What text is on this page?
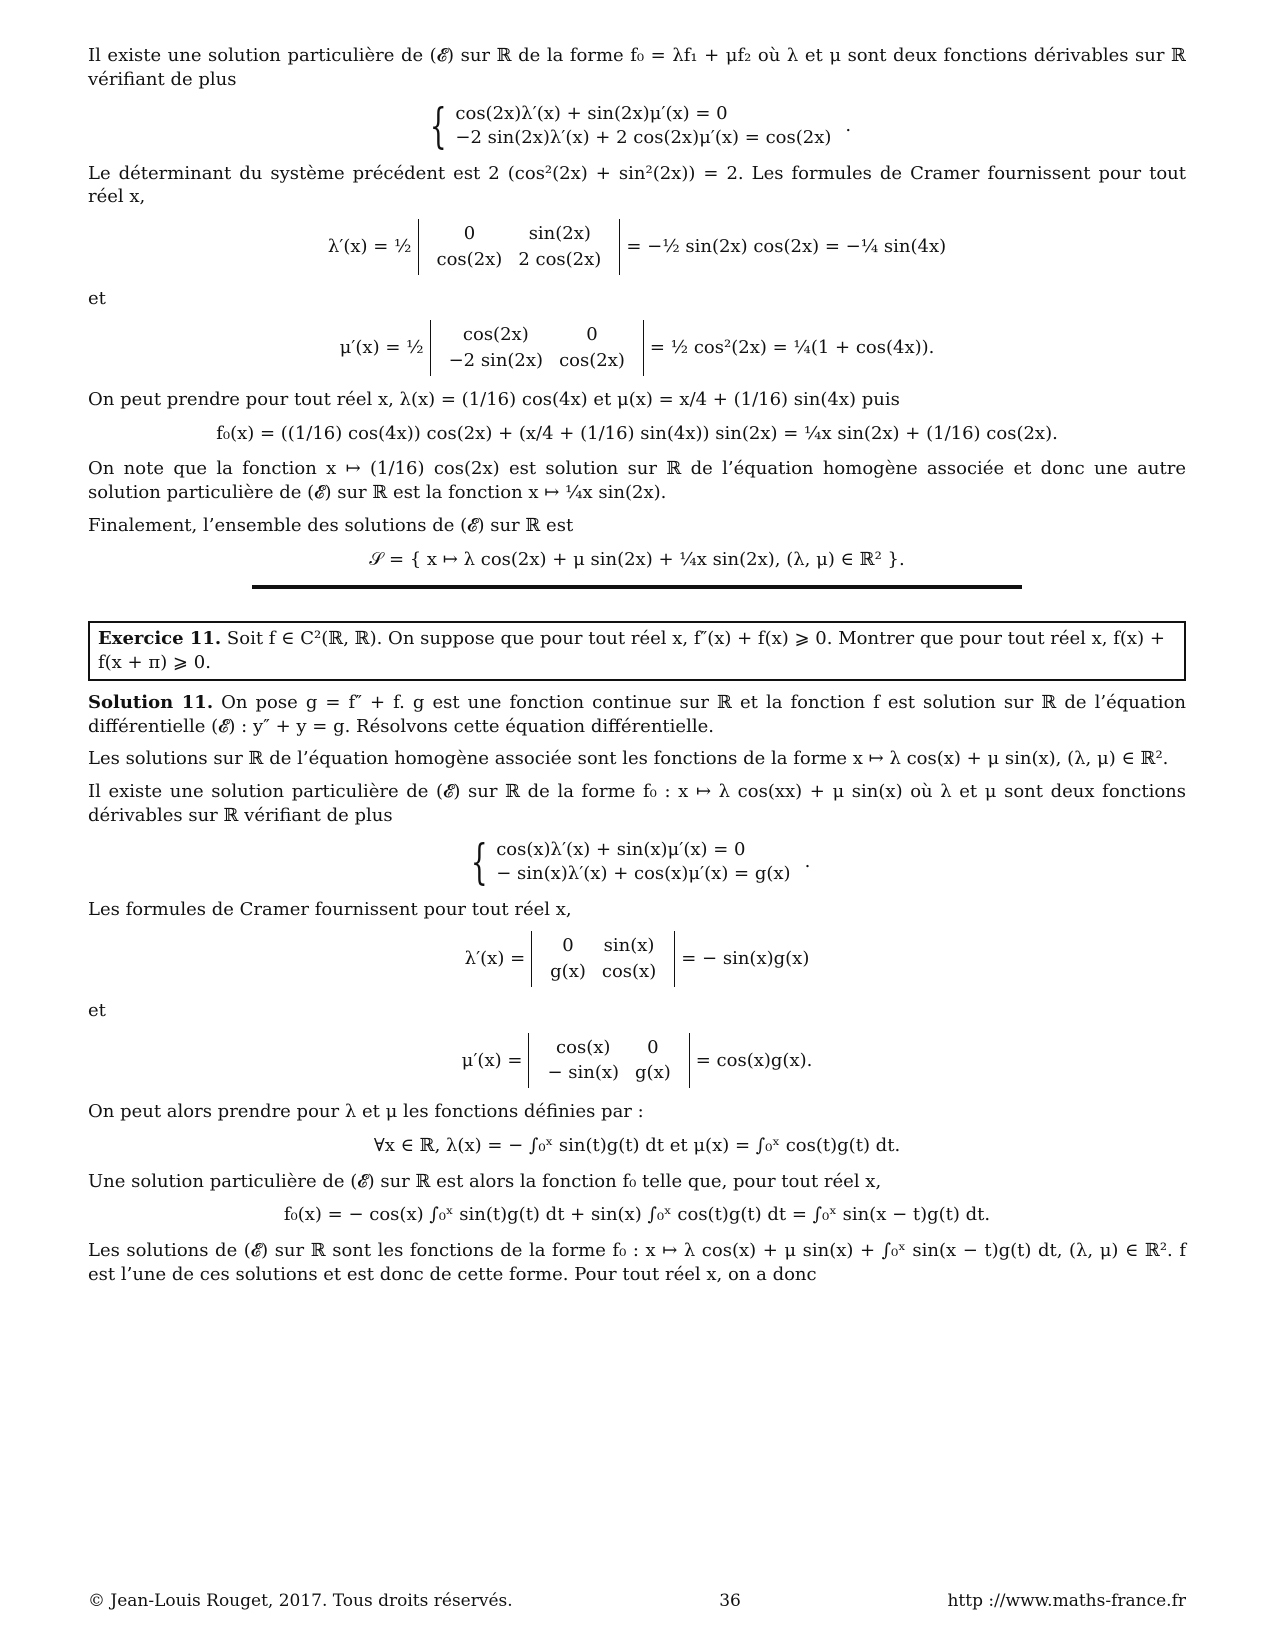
Il existe une solution particulière de (𝓔) sur ℝ de la forme f₀ = λf₁ + μf₂ où λ et μ sont deux fonctions dérivables sur ℝ vérifiant de plus

{ cos(2x)λ′(x) + sin(2x)μ′(x) = 0
−2 sin(2x)λ′(x) + 2 cos(2x)μ′(x) = cos(2x)
.

Le déterminant du système précédent est 2 (cos²(2x) + sin²(2x)) = 2. Les formules de Cramer fournissent pour tout réel x,

λ′(x) = ½
0	sin(2x)
cos(2x)	2 cos(2x)
= −½ sin(2x) cos(2x) = −¼ sin(4x)

et

μ′(x) = ½
cos(2x)	0
−2 sin(2x)	cos(2x)
= ½ cos²(2x) = ¼(1 + cos(4x)).

On peut prendre pour tout réel x, λ(x) = (1/16) cos(4x) et μ(x) = x/4 + (1/16) sin(4x) puis

f₀(x) = ((1/16) cos(4x)) cos(2x) + (x/4 + (1/16) sin(4x)) sin(2x) = ¼x sin(2x) + (1/16) cos(2x).

On note que la fonction x ↦ (1/16) cos(2x) est solution sur ℝ de l’équation homogène associée et donc une autre solution particulière de (𝓔) sur ℝ est la fonction x ↦ ¼x sin(2x).

Finalement, l’ensemble des solutions de (𝓔) sur ℝ est

𝒮 = { x ↦ λ cos(2x) + μ sin(2x) + ¼x sin(2x), (λ, μ) ∈ ℝ² }.
Exercice 11. Soit f ∈ C²(ℝ, ℝ). On suppose que pour tout réel x, f″(x) + f(x) ⩾ 0. Montrer que pour tout réel x, f(x) + f(x + π) ⩾ 0.

Solution 11. On pose g = f″ + f. g est une fonction continue sur ℝ et la fonction f est solution sur ℝ de l’équation différentielle (𝓔) : y″ + y = g. Résolvons cette équation différentielle.

Les solutions sur ℝ de l’équation homogène associée sont les fonctions de la forme x ↦ λ cos(x) + μ sin(x), (λ, μ) ∈ ℝ².

Il existe une solution particulière de (𝓔) sur ℝ de la forme f₀ : x ↦ λ cos(xx) + μ sin(x) où λ et μ sont deux fonctions dérivables sur ℝ vérifiant de plus

{ cos(x)λ′(x) + sin(x)μ′(x) = 0
− sin(x)λ′(x) + cos(x)μ′(x) = g(x)
.

Les formules de Cramer fournissent pour tout réel x,

λ′(x) =
0	sin(x)
g(x)	cos(x)
= − sin(x)g(x)

et

μ′(x) =
cos(x)	0
− sin(x)	g(x)
= cos(x)g(x).

On peut alors prendre pour λ et μ les fonctions définies par :

∀x ∈ ℝ, λ(x) = − ∫₀ˣ sin(t)g(t) dt et μ(x) = ∫₀ˣ cos(t)g(t) dt.

Une solution particulière de (𝓔) sur ℝ est alors la fonction f₀ telle que, pour tout réel x,

f₀(x) = − cos(x) ∫₀ˣ sin(t)g(t) dt + sin(x) ∫₀ˣ cos(t)g(t) dt = ∫₀ˣ sin(x − t)g(t) dt.

Les solutions de (𝓔) sur ℝ sont les fonctions de la forme f₀ : x ↦ λ cos(x) + μ sin(x) + ∫₀ˣ sin(x − t)g(t) dt, (λ, μ) ∈ ℝ². f est l’une de ces solutions et est donc de cette forme. Pour tout réel x, on a donc

© Jean-Louis Rouget, 2017. Tous droits réservés.	36	http ://www.maths-france.fr
